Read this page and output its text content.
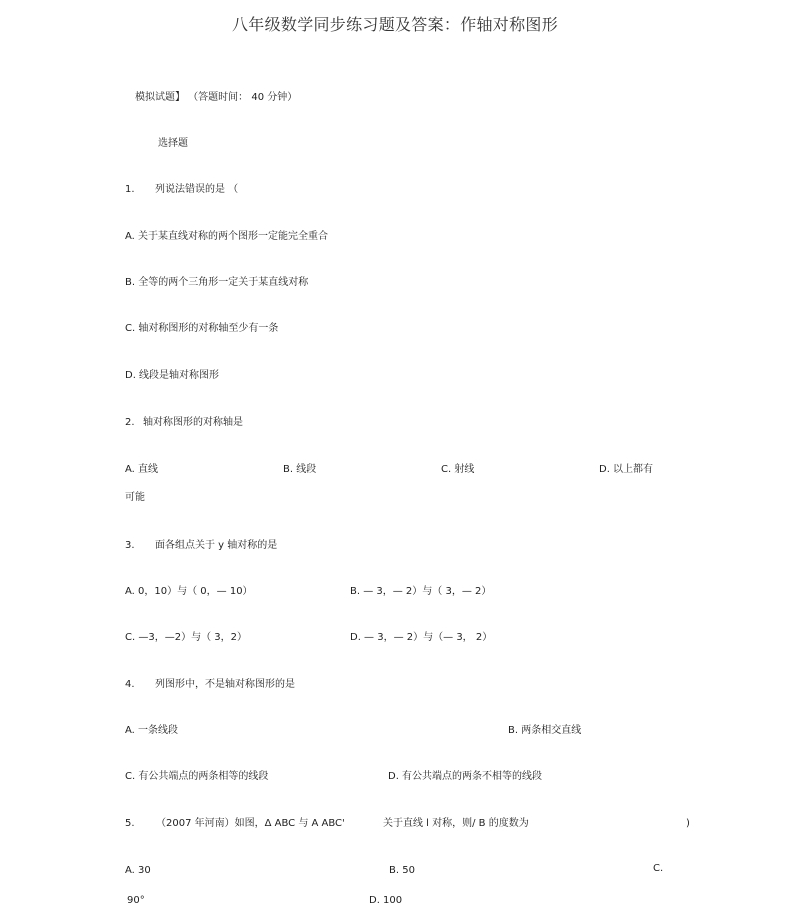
八年级数学同步练习题及答案：作轴对称图形
模拟试题】 （答题时间： 40 分钟）
选择题
1. 列说法错误的是 （
A. 关于某直线对称的两个图形一定能完全重合
B. 全等的两个三角形一定关于某直线对称
C. 轴对称图形的对称轴至少有一条
D. 线段是轴对称图形
2. 轴对称图形的对称轴是
A. 直线	B. 线段	C. 射线	D. 以上都有
可能
3. 面各组点关于 y 轴对称的是
A. 0，10）与（ 0，— 10）	B. — 3，— 2）与（ 3，— 2）
C. —3，—2）与（ 3，2）	D. — 3，— 2）与（— 3， 2）
4. 列图形中，不是轴对称图形的是
A. 一条线段	B. 两条相交直线
C. 有公共端点的两条相等的线段	D. 有公共端点的两条不相等的线段
5. （2007 年河南）如图，Δ ABC 与 A ABC'	关于直线 l 对称，则/ B 的度数为	)
A. 30	B. 50	C.
90°	D. 100
